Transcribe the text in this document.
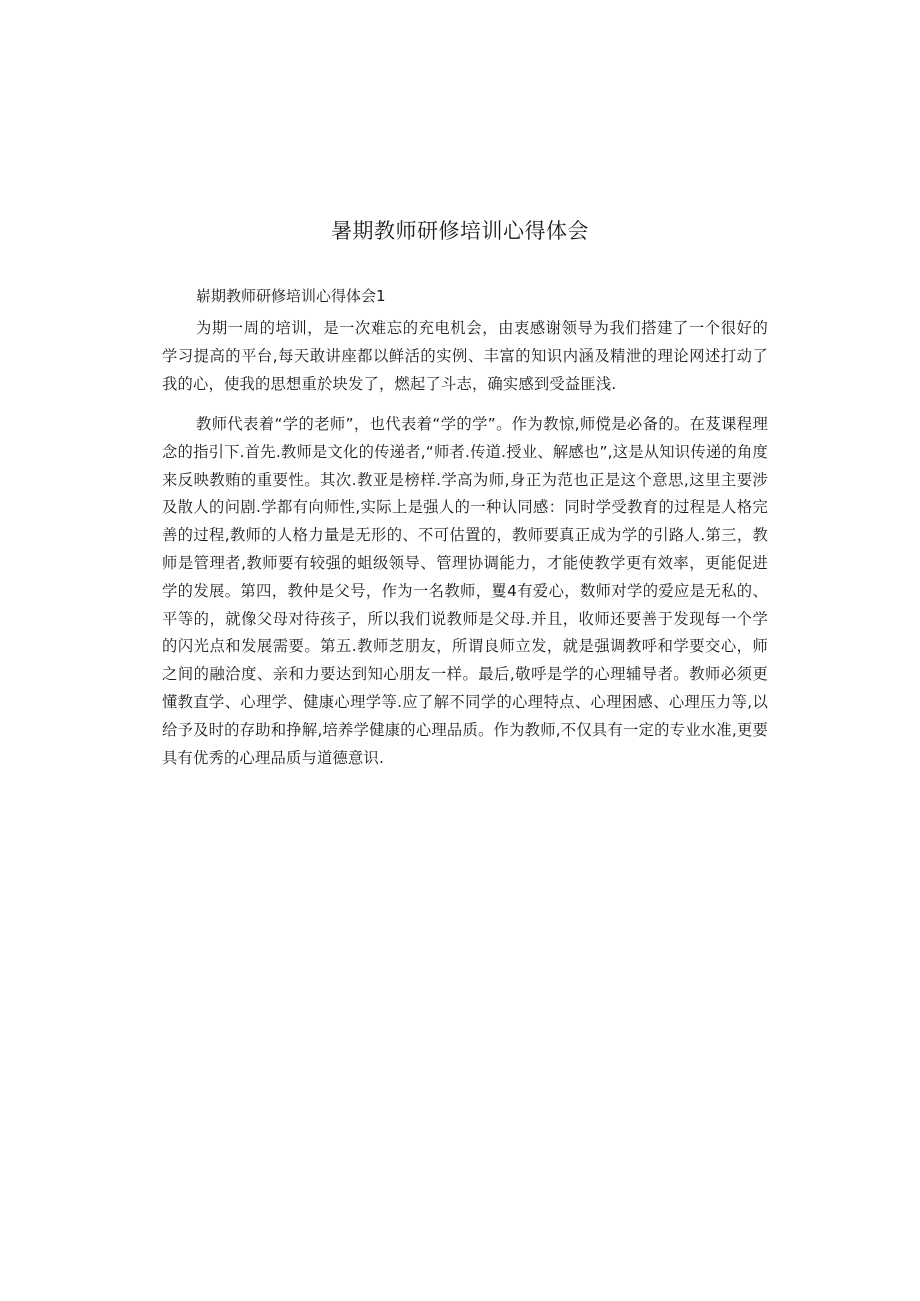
暑期教师研修培训心得体会

崭期教师研修培训心得体会1

为期一周的培训，是一次难忘的充电机会，由衷感谢领导为我们搭建了一个很好的学习提高的平台,每天敢讲座都以鲜活的实例、丰富的知识内涵及精泄的理论网述打动了我的心，使我的思想重於块发了，燃起了斗志，确实感到受益匪浅.

教师代表着“学的老师”，也代表着“学的学”。作为教惊,师傥是必备的。在芨课程理念的指引下.首先.教师是文化的传递者,“师者.传道.授业、解感也”,这是从知识传递的角度来反映教贿的重要性。其次.教亚是榜样.学高为师,身正为范也正是这个意思,这里主要涉及散人的问剧.学都有向师性,实际上是强人的一种认同感：同时学受教育的过程是人格完善的过程,教师的人格力量是无形的、不可估置的，教师要真正成为学的引路人.第三，教师是管理者,教师要有较强的蛆级领导、管理协调能力，才能使教学更有效率，更能促进学的发展。第四，教仲是父号，作为一名教师，矍4有爱心，数师对学的爱应是无私的、平等的，就像父母对待孩子，所以我们说教师是父母.并且，收师还要善于发现每一个学的闪光点和发展需要。第五.教师芝朋友，所谓良师立发，就是强调教呼和学要交心，师之间的融洽度、亲和力要达到知心朋友一样。最后,敬呼是学的心理辅导者。教师必须更懂教直学、心理学、健康心理学等.应了解不同学的心理特点、心理困感、心理压力等,以给予及时的存助和挣解,培养学健康的心理品质。作为教师,不仅具有一定的专业水准,更要具有优秀的心理品质与道德意识.
